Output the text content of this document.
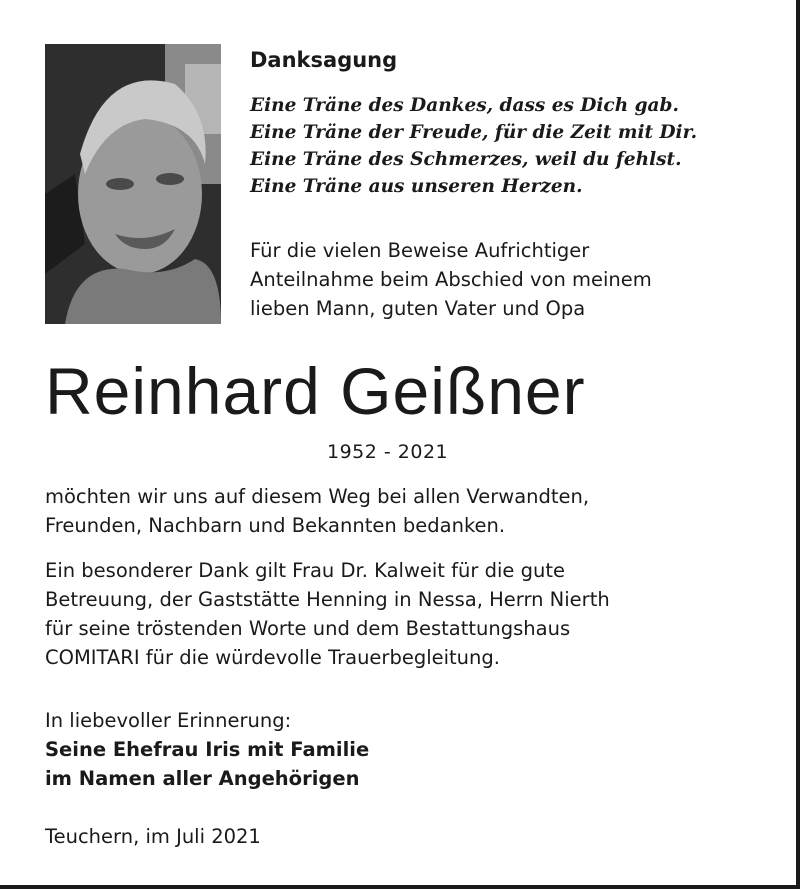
Danksagung
Eine Träne des Dankes, dass es Dich gab.
Eine Träne der Freude, für die Zeit mit Dir.
Eine Träne des Schmerzes, weil du fehlst.
Eine Träne aus unseren Herzen.
Für die vielen Beweise Aufrichtiger
Anteilnahme beim Abschied von meinem
lieben Mann, guten Vater und Opa
Reinhard Geißner
1952 - 2021
möchten wir uns auf diesem Weg bei allen Verwandten,
Freunden, Nachbarn und Bekannten bedanken.
Ein besonderer Dank gilt Frau Dr. Kalweit für die gute
Betreuung, der Gaststätte Henning in Nessa, Herrn Nierth
für seine tröstenden Worte und dem Bestattungshaus
COMITARI für die würdevolle Trauerbegleitung.
In liebevoller Erinnerung:
Seine Ehefrau Iris mit Familie
im Namen aller Angehörigen
Teuchern, im Juli 2021
